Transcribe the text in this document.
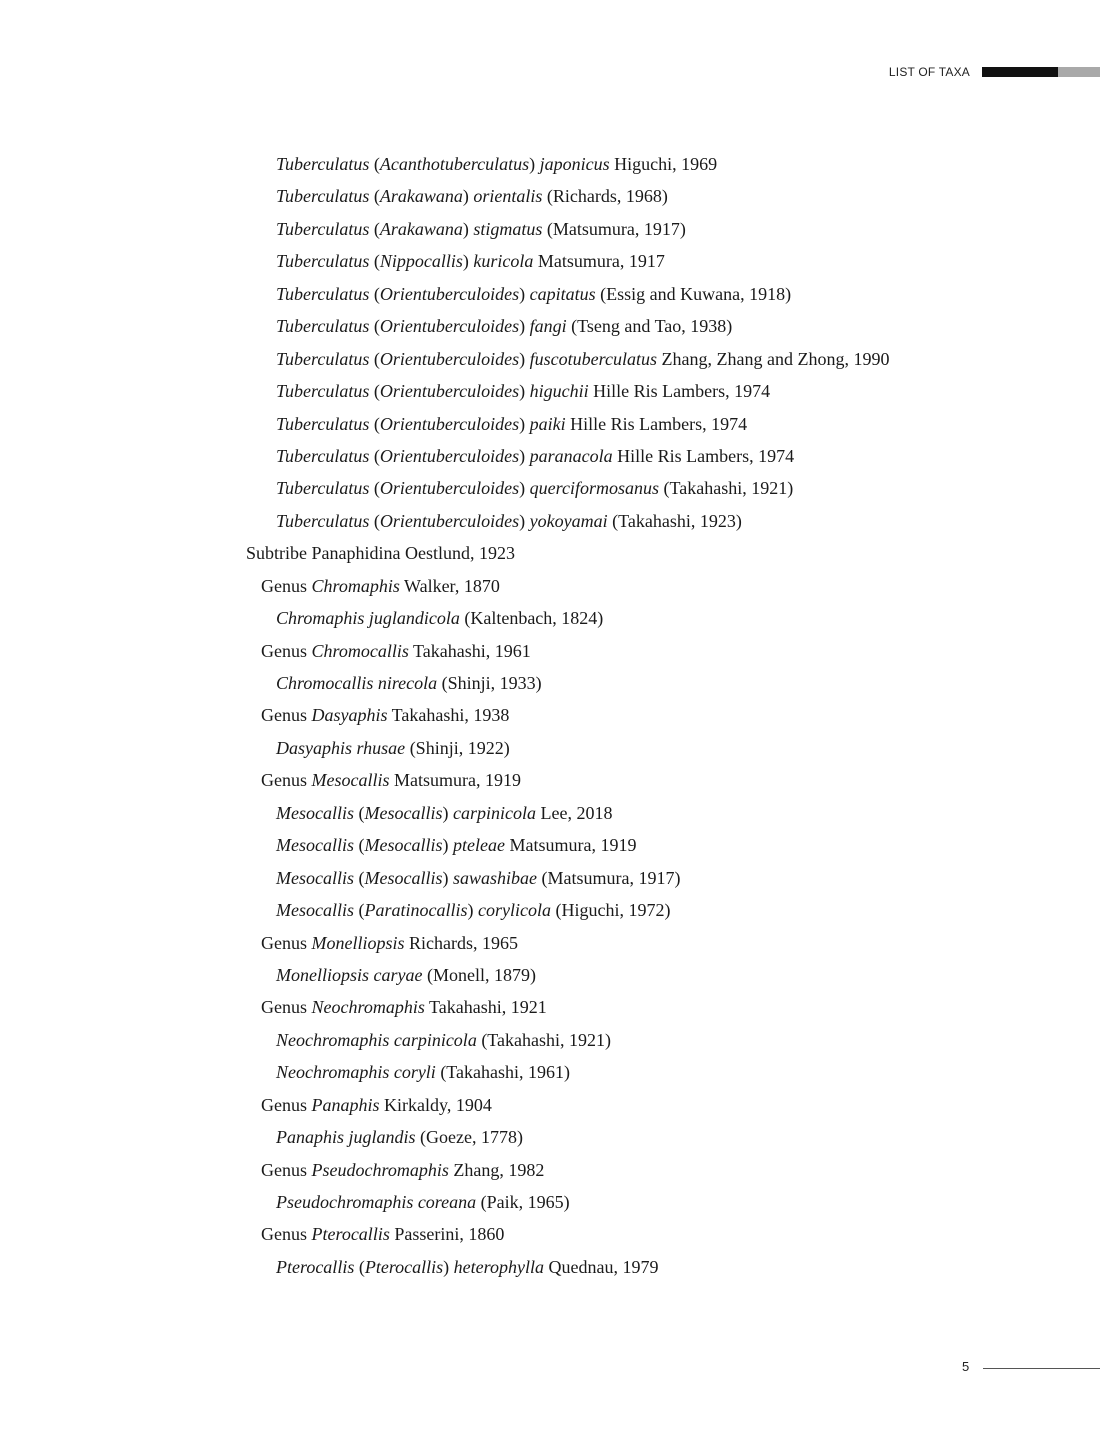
LIST OF TAXA
Tuberculatus (Acanthotuberculatus) japonicus Higuchi, 1969
Tuberculatus (Arakawana) orientalis (Richards, 1968)
Tuberculatus (Arakawana) stigmatus (Matsumura, 1917)
Tuberculatus (Nippocallis) kuricola Matsumura, 1917
Tuberculatus (Orientuberculoides) capitatus (Essig and Kuwana, 1918)
Tuberculatus (Orientuberculoides) fangi (Tseng and Tao, 1938)
Tuberculatus (Orientuberculoides) fuscotuberculatus Zhang, Zhang and Zhong, 1990
Tuberculatus (Orientuberculoides) higuchii Hille Ris Lambers, 1974
Tuberculatus (Orientuberculoides) paiki Hille Ris Lambers, 1974
Tuberculatus (Orientuberculoides) paranacola Hille Ris Lambers, 1974
Tuberculatus (Orientuberculoides) querciformosanus (Takahashi, 1921)
Tuberculatus (Orientuberculoides) yokoyamai (Takahashi, 1923)
Subtribe Panaphidina Oestlund, 1923
Genus Chromaphis Walker, 1870
Chromaphis juglandicola (Kaltenbach, 1824)
Genus Chromocallis Takahashi, 1961
Chromocallis nirecola (Shinji, 1933)
Genus Dasyaphis Takahashi, 1938
Dasyaphis rhusae (Shinji, 1922)
Genus Mesocallis Matsumura, 1919
Mesocallis (Mesocallis) carpinicola Lee, 2018
Mesocallis (Mesocallis) pteleae Matsumura, 1919
Mesocallis (Mesocallis) sawashibae (Matsumura, 1917)
Mesocallis (Paratinocallis) corylicola (Higuchi, 1972)
Genus Monelliopsis Richards, 1965
Monelliopsis caryae (Monell, 1879)
Genus Neochromaphis Takahashi, 1921
Neochromaphis carpinicola (Takahashi, 1921)
Neochromaphis coryli (Takahashi, 1961)
Genus Panaphis Kirkaldy, 1904
Panaphis juglandis (Goeze, 1778)
Genus Pseudochromaphis Zhang, 1982
Pseudochromaphis coreana (Paik, 1965)
Genus Pterocallis Passerini, 1860
Pterocallis (Pterocallis) heterophylla Quednau, 1979
5
